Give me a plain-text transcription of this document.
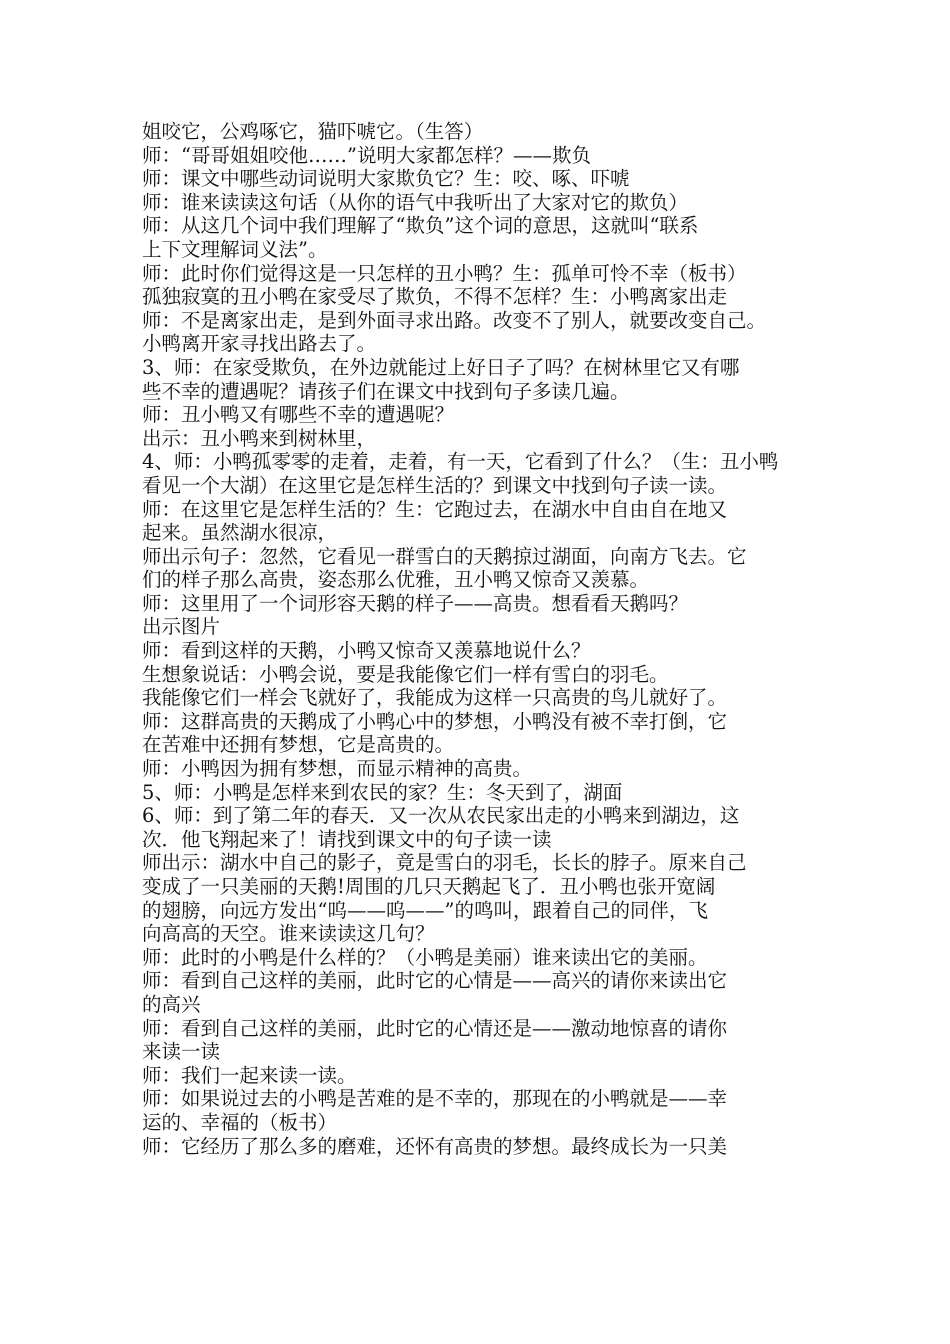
姐咬它，公鸡啄它，猫吓唬它。（生答）
师：“哥哥姐姐咬他……”说明大家都怎样？——欺负
师：课文中哪些动词说明大家欺负它？生：咬、啄、吓唬
师：谁来读读这句话（从你的语气中我听出了大家对它的欺负）
师：从这几个词中我们理解了“欺负”这个词的意思，这就叫“联系
上下文理解词义法”。
师：此时你们觉得这是一只怎样的丑小鸭？生：孤单可怜不幸（板书）
孤独寂寞的丑小鸭在家受尽了欺负，不得不怎样？生：小鸭离家出走
师：不是离家出走，是到外面寻求出路。改变不了别人，就要改变自己。
小鸭离开家寻找出路去了。
3、师：在家受欺负，在外边就能过上好日子了吗？在树林里它又有哪
些不幸的遭遇呢？请孩子们在课文中找到句子多读几遍。
师：丑小鸭又有哪些不幸的遭遇呢？
出示：丑小鸭来到树林里，
4、师：小鸭孤零零的走着，走着，有一天，它看到了什么？（生：丑小鸭
看见一个大湖）在这里它是怎样生活的？到课文中找到句子读一读。
师：在这里它是怎样生活的？生：它跑过去，在湖水中自由自在地又
起来。虽然湖水很凉，
师出示句子：忽然，它看见一群雪白的天鹅掠过湖面，向南方飞去。它
们的样子那么高贵，姿态那么优雅，丑小鸭又惊奇又羡慕。
师：这里用了一个词形容天鹅的样子——高贵。想看看天鹅吗？
出示图片
师：看到这样的天鹅，小鸭又惊奇又羡慕地说什么？
生想象说话：小鸭会说，要是我能像它们一样有雪白的羽毛。
我能像它们一样会飞就好了，我能成为这样一只高贵的鸟儿就好了。
师：这群高贵的天鹅成了小鸭心中的梦想，小鸭没有被不幸打倒，它
在苦难中还拥有梦想，它是高贵的。
师：小鸭因为拥有梦想，而显示精神的高贵。
5、师：小鸭是怎样来到农民的家？生：冬天到了，湖面
6、师：到了第二年的春天．又一次从农民家出走的小鸭来到湖边，这
次．他飞翔起来了！请找到课文中的句子读一读
师出示：湖水中自己的影子，竟是雪白的羽毛，长长的脖子。原来自己
变成了一只美丽的天鹅!周围的几只天鹅起飞了．丑小鸭也张开宽阔
的翅膀，向远方发出“呜——呜——”的鸣叫，跟着自己的同伴，飞
向高高的天空。谁来读读这几句？
师：此时的小鸭是什么样的？（小鸭是美丽）谁来读出它的美丽。
师：看到自己这样的美丽，此时它的心情是——高兴的请你来读出它
的高兴
师：看到自己这样的美丽，此时它的心情还是——激动地惊喜的请你
来读一读
师：我们一起来读一读。
师：如果说过去的小鸭是苦难的是不幸的，那现在的小鸭就是——幸
运的、幸福的（板书）
师：它经历了那么多的磨难，还怀有高贵的梦想。最终成长为一只美
